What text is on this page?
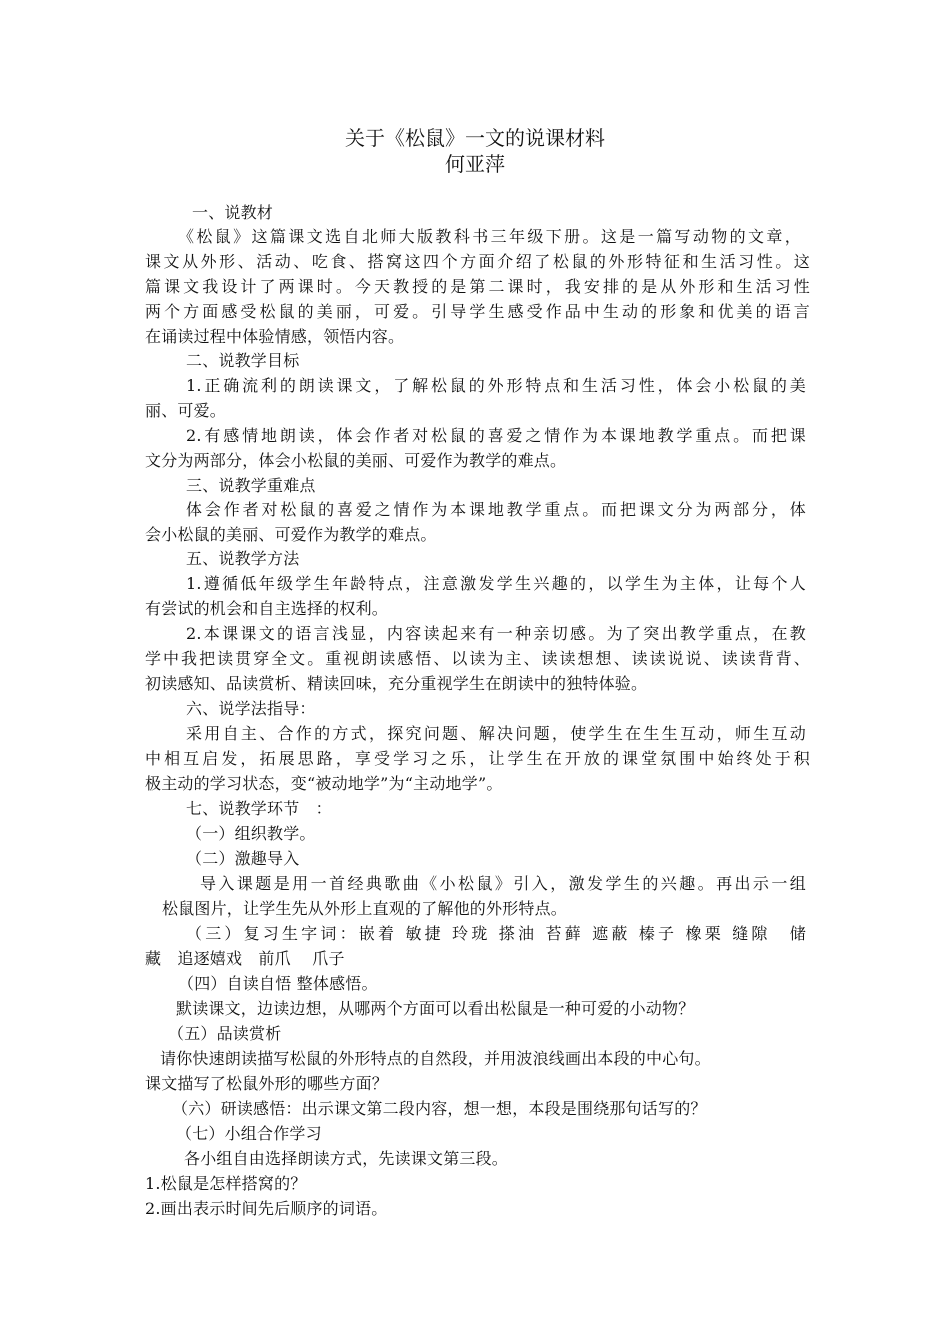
关于《松鼠》一文的说课材料
何亚萍
一、说教材
《松鼠》这篇课文选自北师大版教科书三年级下册。这是一篇写动物的文章，
课文从外形、活动、吃食、搭窝这四个方面介绍了松鼠的外形特征和生活习性。这
篇课文我设计了两课时。今天教授的是第二课时，我安排的是从外形和生活习性
两个方面感受松鼠的美丽，可爱。引导学生感受作品中生动的形象和优美的语言
在诵读过程中体验情感，领悟内容。
二、说教学目标
1.正确流利的朗读课文，了解松鼠的外形特点和生活习性，体会小松鼠的美
丽、可爱。
2.有感情地朗读，体会作者对松鼠的喜爱之情作为本课地教学重点。而把课
文分为两部分，体会小松鼠的美丽、可爱作为教学的难点。
三、说教学重难点
体会作者对松鼠的喜爱之情作为本课地教学重点。而把课文分为两部分，体
会小松鼠的美丽、可爱作为教学的难点。
五、说教学方法
1.遵循低年级学生年龄特点，注意激发学生兴趣的，以学生为主体，让每个人
有尝试的机会和自主选择的权利。
2.本课课文的语言浅显，内容读起来有一种亲切感。为了突出教学重点，在教
学中我把读贯穿全文。重视朗读感悟、以读为主、读读想想、读读说说、读读背背、
初读感知、品读赏析、精读回味，充分重视学生在朗读中的独特体验。
六、说学法指导：
采用自主、合作的方式，探究问题、解决问题，使学生在生生互动，师生互动
中相互启发，拓展思路，享受学习之乐，让学生在开放的课堂氛围中始终处于积
极主动的学习状态，变“被动地学”为“主动地学”。
七、说教学环节　：
（一）组织教学。
（二）激趣导入
导入课题是用一首经典歌曲《小松鼠》引入，激发学生的兴趣。再出示一组
松鼠图片，让学生先从外形上直观的了解他的外形特点。
（三）复习生字词：嵌着 敏捷 玲珑 搽油 苔藓 遮蔽 榛子 橡栗 缝隙　储
藏　追逐嬉戏　前爪　 爪子
（四）自读自悟 整体感悟。
默读课文，边读边想，从哪两个方面可以看出松鼠是一种可爱的小动物？
（五）品读赏析
请你快速朗读描写松鼠的外形特点的自然段，并用波浪线画出本段的中心句。
课文描写了松鼠外形的哪些方面？
（六）研读感悟：出示课文第二段内容，想一想，本段是围绕那句话写的？
（七）小组合作学习
各小组自由选择朗读方式，先读课文第三段。
1.松鼠是怎样搭窝的？
2.画出表示时间先后顺序的词语。
